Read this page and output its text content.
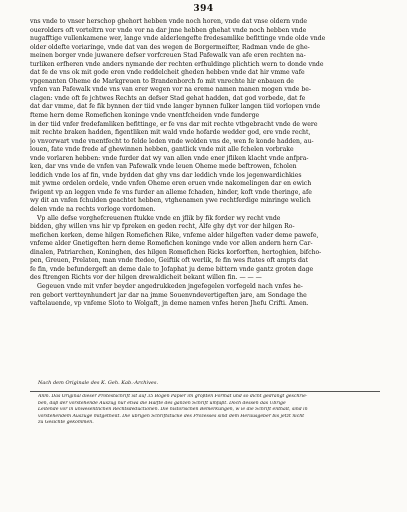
394
vns vnde to vnser herschop ghehort hebben vnde noch horen, vnde dat vnse oldern vnde
ouerolders oft vorteltrn vor vnde vor na dar jnne hebben ghehat vnde noch hebben vnde
nugafftige vullenkamene wer, lange vnde alderlengefte fredesamlike befittinge vnde olde vnde
older oldefte voriaringe, vnde dat van des wegen de Borgermeifter, Radman vnde de ghe-
meinen borger vnde juwanere defser vorfcreuen Stad Pafewalk van afe eren rechten na-
turliken erfheren vnde anders nymande der rechten erfhuldinge plichtich wern to donde vnde
dat fe de vns ok mit gode eren vnde reddelcheit gheden hebben vnde dat hir vmme vafe
vpgenanten Oheme de Markgreuen to Brandenborch fo mit vnrechte hir enbauen de
vnfen van Pafewalk vnde vns van erer wegen vor na ereme namen manen mogen vnde be-
clagen: vnde oft fe jchtwes Rechts an defser Stad gehat hadden, dat god vorbede, dat fe
dat dar vmme, dat fe fik bynnen der tiid vnde langer bynnen fulker langen tiid vorlopen vnde
fteme hern deme Romefichen koninge vnde vnentfcheiden vnde funderge
in der tiid vnfer fredefamliken befittinge, er fe vns dar mit rechte vtbgebracht vnde de were
mit rechte braken hadden, figentliken mit wald vnde hofarde wedder god, ere vnde recht,
jo vnvorwart vnde vnentfecht to felde leden vnde wolden vns de, wen fe konde hadden, au-
louen, fate vnde frede af ghewinnen hebben, gantlick vnde mit alle fchelen vorbrake
vnde vorlaren hebben: vnde furder dat wy van allen vnde ener jfliken klacht vnde anfpra-
ken, dar vns vnde de vnfen van Pafewalk vnde leuen Oheme mede beftrowen, fcholen
leddich vnde los af fin, vnde bydden dat ghy vns dar leddich vnde los jegenwardichkies
mit ywme ordelen ordele, vnde vnfen Oheme eren eruen vnde nakomelingen dar en ewich
fwigent vp an leggen vnde fe vns furder an alleme fchaden, hinder, koft vnde theringe, afe
wy dit an vnfen fchulden geachtet hebben, vtghenamen ywe rechtferdige minringe welich
delen vnde na rechts vorloge vordomen.
Vp alle defse vorghefcreuenen ftukke vnde en jflik by fik forder wy recht vnde
bidden, ghy willen vns hir vp fpreken en geden recht, Alfe ghy dyt vor der hilgen Ro-
mefichen kerken, deme hilgen Romefichen Rike, vnfeme alder hilgeften vader deme pawefe,
vnfeme alder Gnetigeften hern deme Romefichen koninge vnde vor allen andern hern Car-
dinalen, Patriarchen, Koninghen, des hilgen Romefichen Ricks korforften, hertoghien, bifcho-
pen, Greuen, Prelaten, man vnde ftedeo, Geiftik oft werlik, fe fin wes ftates oft ampts dat
fe fin, vnde befundergeft an deme dale to Jofaphat ju deme bittern vnde gantz groten dage
des ftrengen Richts vor der hilgen drewaldicheit bekant willen fin. — — —
Gegeuen vnde mit vnfer beyder angedrukkeden jngefegelen vorfegeld nach vnfes he-
ren gebort vertteynhundert jar dar na jmme Souenvndevertigeften jare, am Sondage the
vaftelauende, vp vnfeme Sloto to Wolgaft, jn deme namen vnfes heren Jhefu Crifti. Amen.
Nach dem Originale des K. Geh. Kab.-Archives.
Anm. Das Original dieser Protestschrift ist auf 35 Bogen Papier im größten Format und so dicht gedrängt geschrie-
ben, daß der vorstehende Auszug nur etwa die Hälfte des ganzen Schrift umfaßt. Doch dessen das Übrige
Leitende vor in unwesentlichen Rechtsdeductionen. Die historischen Bemerkungen, w ie die Schrift enthält, sind in
vorstehendem Auszuge mitgetheilt. Die übrigen Schriftstücke des Prozesses sind dem Herausgeber bis jetzt nicht
zu Gesichte gekommen.
